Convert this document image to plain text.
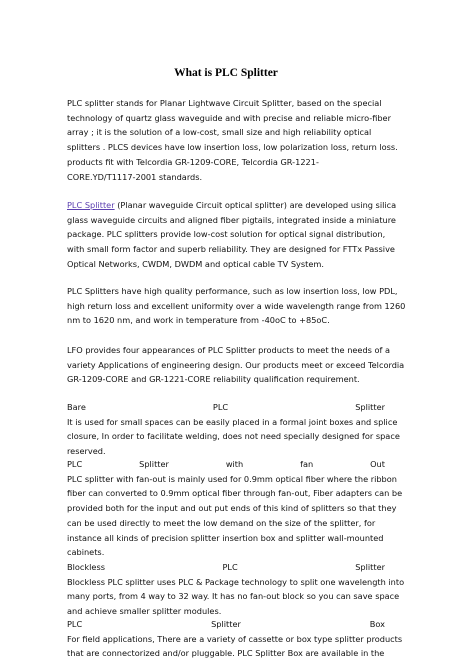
What is PLC Splitter
PLC splitter stands for Planar Lightwave Circuit Splitter, based on the special
technology of quartz glass waveguide and with precise and reliable micro-fiber
array ; it is the solution of a low-cost, small size and high reliability optical
splitters . PLCS devices have low insertion loss, low polarization loss, return loss.
products fit with Telcordia GR-1209-CORE, Telcordia GR-1221-
CORE.YD/T1117-2001 standards.
PLC Splitter (Planar waveguide Circuit optical splitter) are developed using silica
glass waveguide circuits and aligned fiber pigtails, integrated inside a miniature
package. PLC splitters provide low-cost solution for optical signal distribution,
with small form factor and superb reliability. They are designed for FTTx Passive
Optical Networks, CWDM, DWDM and optical cable TV System.
PLC Splitters have high quality performance, such as low insertion loss, low PDL,
high return loss and excellent uniformity over a wide wavelength range from 1260
nm to 1620 nm, and work in temperature from -40oC to +85oC.
LFO provides four appearances of PLC Splitter products to meet the needs of a
variety Applications of engineering design. Our products meet or exceed Telcordia
GR-1209-CORE and GR-1221-CORE reliability qualification requirement.
Bare	PLC	Splitter
It is used for small spaces can be easily placed in a formal joint boxes and splice
closure, In order to facilitate welding, does not need specially designed for space
reserved.
PLC	Splitter	with	fan	Out
PLC splitter with fan-out is mainly used for 0.9mm optical fiber where the ribbon
fiber can converted to 0.9mm optical fiber through fan-out, Fiber adapters can be
provided both for the input and out put ends of this kind of splitters so that they
can be used directly to meet the low demand on the size of the splitter, for
instance all kinds of precision splitter insertion box and splitter wall-mounted
cabinets.
Blockless	PLC	Splitter
Blockless PLC splitter uses PLC & Package technology to split one wavelength into
many ports, from 4 way to 32 way. It has no fan-out block so you can save space
and achieve smaller splitter modules.
PLC	Splitter	Box
For field applications, There are a variety of cassette or box type splitter products
that are connectorized and/or pluggable. PLC Splitter Box are available in the
